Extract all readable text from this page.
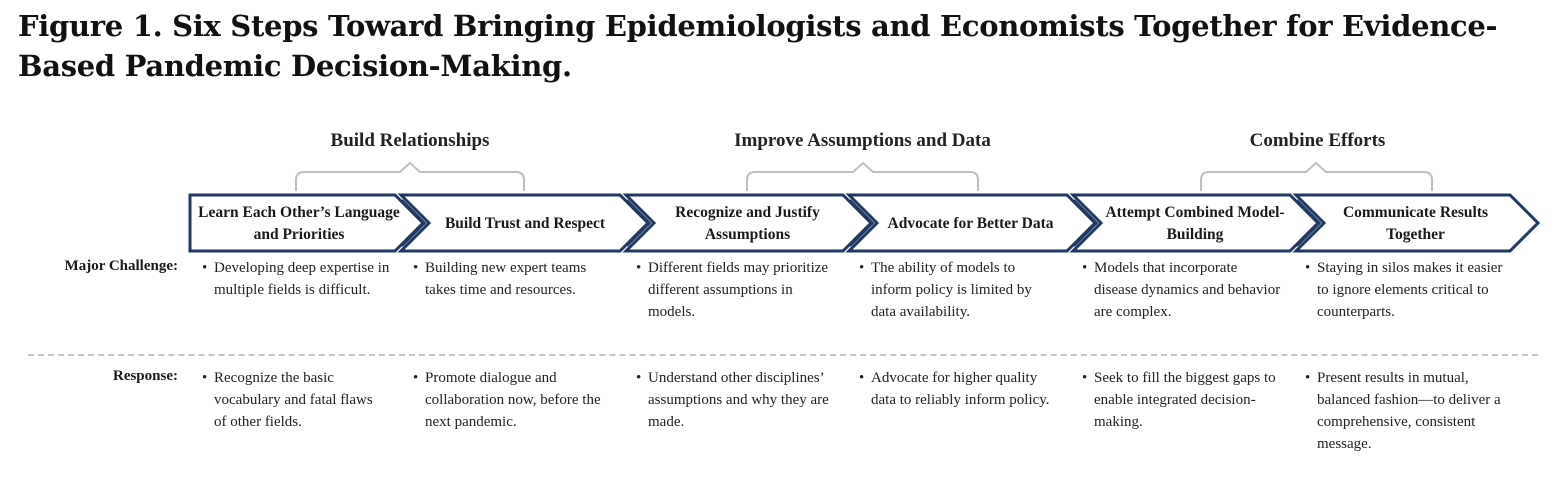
Figure 1. Six Steps Toward Bringing Epidemiologists and Economists Together for Evidence-Based Pandemic Decision-Making.
Build Relationships	Improve Assumptions and Data	Combine Efforts
Learn Each Other’s Language and Priorities
Build Trust and Respect
Recognize and Justify Assumptions
Advocate for Better Data
Attempt Combined Model-Building
Communicate Results Together
Major Challenge:
Response:
• Developing deep expertise in multiple fields is difficult.
• Building new expert teams takes time and resources.
• Different fields may prioritize different assumptions in models.
• The ability of models to inform policy is limited by data availability.
• Models that incorporate disease dynamics and behavior are complex.
• Staying in silos makes it easier to ignore elements critical to counterparts.
• Recognize the basic vocabulary and fatal flaws of other fields.
• Promote dialogue and collaboration now, before the next pandemic.
• Understand other disciplines’ assumptions and why they are made.
• Advocate for higher quality data to reliably inform policy.
• Seek to fill the biggest gaps to enable integrated decision-making.
• Present results in mutual, balanced fashion—to deliver a comprehensive, consistent message.
